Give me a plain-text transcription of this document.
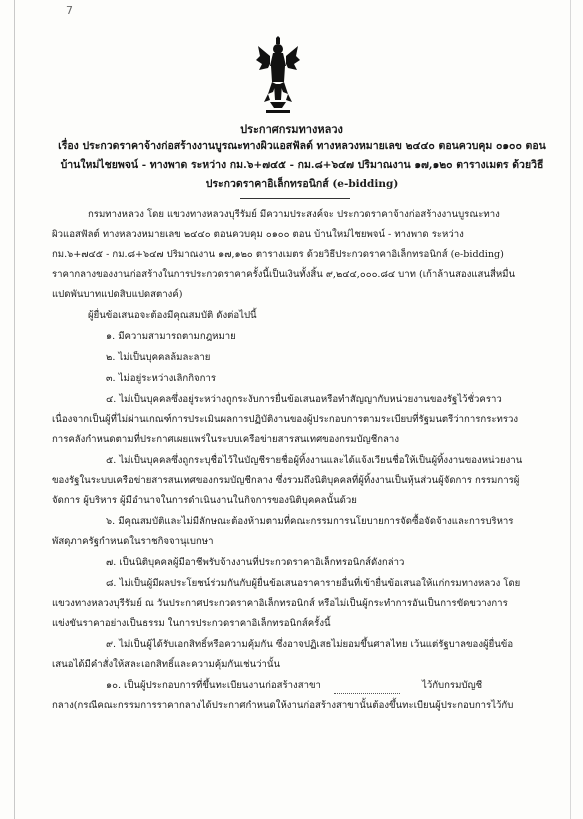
7
ประกาศกรมทางหลวง
เรื่อง ประกวดราคาจ้างก่อสร้างงานบูรณะทางผิวแอสฟัลต์ ทางหลวงหมายเลข ๒๔๔๐ ตอนควบคุม ๐๑๐๐ ตอน
บ้านใหม่ไชยพจน์ - ทางพาด ระหว่าง กม.๖+๗๔๕ - กม.๘+๖๔๗ ปริมาณงาน ๑๗,๑๒๐ ตารางเมตร ด้วยวิธี
ประกวดราคาอิเล็กทรอนิกส์ (e-bidding)
กรมทางหลวง โดย แขวงทางหลวงบุรีรัมย์ มีความประสงค์จะ ประกวดราคาจ้างก่อสร้างงานบูรณะทาง
ผิวแอสฟัลต์ ทางหลวงหมายเลข ๒๔๔๐ ตอนควบคุม ๐๑๐๐ ตอน บ้านใหม่ไชยพจน์ - ทางพาด ระหว่าง
กม.๖+๗๔๕ - กม.๘+๖๔๗ ปริมาณงาน ๑๗,๑๒๐ ตารางเมตร ด้วยวิธีประกวดราคาอิเล็กทรอนิกส์ (e-bidding)
ราคากลางของงานก่อสร้างในการประกวดราคาครั้งนี้เป็นเงินทั้งสิ้น ๙,๒๔๔,๐๐๐.๘๔ บาท (เก้าล้านสองแสนสี่หมื่น
แปดพันบาทแปดสิบแปดสตางค์)
ผู้ยื่นข้อเสนอจะต้องมีคุณสมบัติ ดังต่อไปนี้
๑. มีความสามารถตามกฎหมาย
๒. ไม่เป็นบุคคลล้มละลาย
๓. ไม่อยู่ระหว่างเลิกกิจการ
๔. ไม่เป็นบุคคลซึ่งอยู่ระหว่างถูกระงับการยื่นข้อเสนอหรือทำสัญญากับหน่วยงานของรัฐไว้ชั่วคราว
เนื่องจากเป็นผู้ที่ไม่ผ่านเกณฑ์การประเมินผลการปฏิบัติงานของผู้ประกอบการตามระเบียบที่รัฐมนตรีว่าการกระทรวง
การคลังกำหนดตามที่ประกาศเผยแพร่ในระบบเครือข่ายสารสนเทศของกรมบัญชีกลาง
๕. ไม่เป็นบุคคลซึ่งถูกระบุชื่อไว้ในบัญชีรายชื่อผู้ทิ้งงานและได้แจ้งเวียนชื่อให้เป็นผู้ทิ้งงานของหน่วยงาน
ของรัฐในระบบเครือข่ายสารสนเทศของกรมบัญชีกลาง ซึ่งรวมถึงนิติบุคคลที่ผู้ทิ้งงานเป็นหุ้นส่วนผู้จัดการ กรรมการผู้
จัดการ ผู้บริหาร ผู้มีอำนาจในการดำเนินงานในกิจการของนิติบุคคลนั้นด้วย
๖. มีคุณสมบัติและไม่มีลักษณะต้องห้ามตามที่คณะกรรมการนโยบายการจัดซื้อจัดจ้างและการบริหาร
พัสดุภาครัฐกำหนดในราชกิจจานุเบกษา
๗. เป็นนิติบุคคลผู้มีอาชีพรับจ้างงานที่ประกวดราคาอิเล็กทรอนิกส์ดังกล่าว
๘. ไม่เป็นผู้มีผลประโยชน์ร่วมกันกับผู้ยื่นข้อเสนอราคารายอื่นที่เข้ายื่นข้อเสนอให้แก่กรมทางหลวง โดย
แขวงทางหลวงบุรีรัมย์ ณ วันประกาศประกวดราคาอิเล็กทรอนิกส์ หรือไม่เป็นผู้กระทำการอันเป็นการขัดขวางการ
แข่งขันราคาอย่างเป็นธรรม ในการประกวดราคาอิเล็กทรอนิกส์ครั้งนี้
๙. ไม่เป็นผู้ได้รับเอกสิทธิ์หรือความคุ้มกัน ซึ่งอาจปฏิเสธไม่ยอมขึ้นศาลไทย เว้นแต่รัฐบาลของผู้ยื่นข้อ
เสนอได้มีคำสั่งให้สละเอกสิทธิ์และความคุ้มกันเช่นว่านั้น
๑๐. เป็นผู้ประกอบการที่ขึ้นทะเบียนงานก่อสร้างสาขา	ไว้กับกรมบัญชี
กลาง(กรณีคณะกรรมการราคากลางได้ประกาศกำหนดให้งานก่อสร้างสาขานั้นต้องขึ้นทะเบียนผู้ประกอบการไว้กับ
